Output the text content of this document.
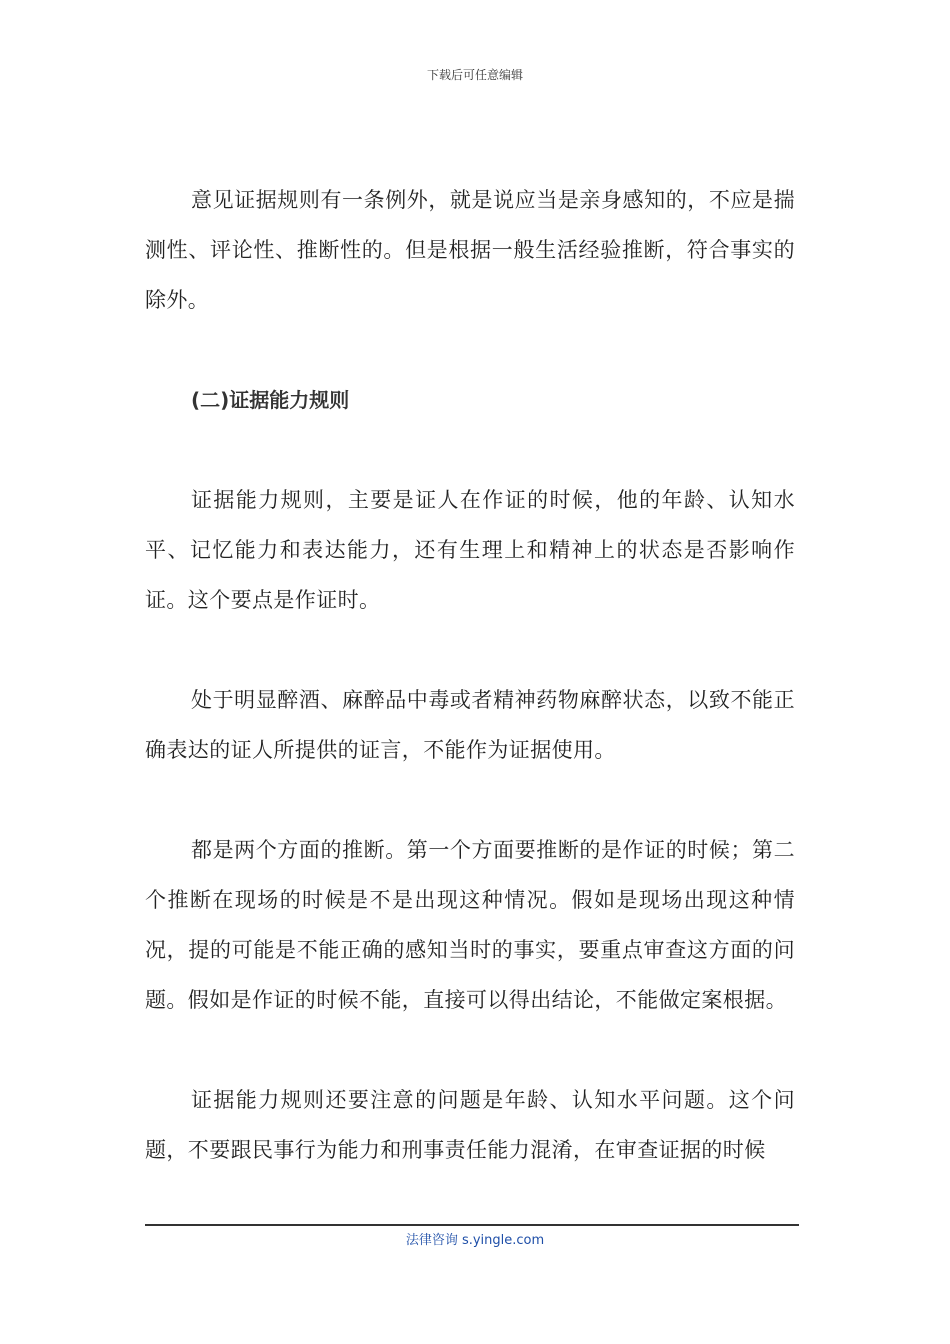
下载后可任意编辑

意见证据规则有一条例外，就是说应当是亲身感知的，不应是揣测性、评论性、推断性的。但是根据一般生活经验推断，符合事实的除外。

(二)证据能力规则

证据能力规则，主要是证人在作证的时候，他的年龄、认知水平、记忆能力和表达能力，还有生理上和精神上的状态是否影响作证。这个要点是作证时。

处于明显醉酒、麻醉品中毒或者精神药物麻醉状态，以致不能正确表达的证人所提供的证言，不能作为证据使用。

都是两个方面的推断。第一个方面要推断的是作证的时候；第二个推断在现场的时候是不是出现这种情况。假如是现场出现这种情况，提的可能是不能正确的感知当时的事实，要重点审查这方面的问题。假如是作证的时候不能，直接可以得出结论，不能做定案根据。

证据能力规则还要注意的问题是年龄、认知水平问题。这个问题，不要跟民事行为能力和刑事责任能力混淆，在审查证据的时候

法律咨询 s.yingle.com
